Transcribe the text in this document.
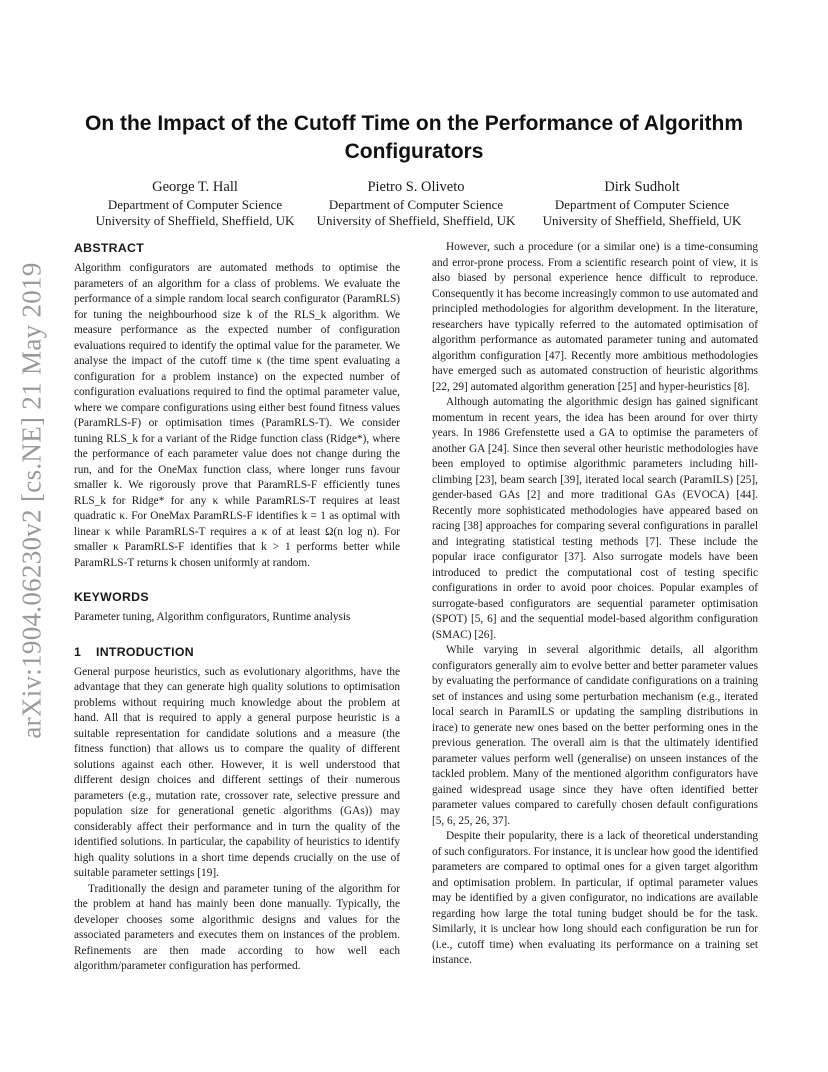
arXiv:1904.06230v2 [cs.NE] 21 May 2019
On the Impact of the Cutoff Time on the Performance of Algorithm Configurators
George T. Hall
Department of Computer Science
University of Sheffield, Sheffield, UK
Pietro S. Oliveto
Department of Computer Science
University of Sheffield, Sheffield, UK
Dirk Sudholt
Department of Computer Science
University of Sheffield, Sheffield, UK
ABSTRACT

Algorithm configurators are automated methods to optimise the parameters of an algorithm for a class of problems. We evaluate the performance of a simple random local search configurator (ParamRLS) for tuning the neighbourhood size k of the RLS_k algorithm. We measure performance as the expected number of configuration evaluations required to identify the optimal value for the parameter. We analyse the impact of the cutoff time κ (the time spent evaluating a configuration for a problem instance) on the expected number of configuration evaluations required to find the optimal parameter value, where we compare configurations using either best found fitness values (ParamRLS-F) or optimisation times (ParamRLS-T). We consider tuning RLS_k for a variant of the Ridge function class (Ridge*), where the performance of each parameter value does not change during the run, and for the OneMax function class, where longer runs favour smaller k. We rigorously prove that ParamRLS-F efficiently tunes RLS_k for Ridge* for any κ while ParamRLS-T requires at least quadratic κ. For OneMax ParamRLS-F identifies k = 1 as optimal with linear κ while ParamRLS-T requires a κ of at least Ω(n log n). For smaller κ ParamRLS-F identifies that k > 1 performs better while ParamRLS-T returns k chosen uniformly at random.

KEYWORDS

Parameter tuning, Algorithm configurators, Runtime analysis

1 INTRODUCTION

General purpose heuristics, such as evolutionary algorithms, have the advantage that they can generate high quality solutions to optimisation problems without requiring much knowledge about the problem at hand. All that is required to apply a general purpose heuristic is a suitable representation for candidate solutions and a measure (the fitness function) that allows us to compare the quality of different solutions against each other. However, it is well understood that different design choices and different settings of their numerous parameters (e.g., mutation rate, crossover rate, selective pressure and population size for generational genetic algorithms (GAs)) may considerably affect their performance and in turn the quality of the identified solutions. In particular, the capability of heuristics to identify high quality solutions in a short time depends crucially on the use of suitable parameter settings [19].

Traditionally the design and parameter tuning of the algorithm for the problem at hand has mainly been done manually. Typically, the developer chooses some algorithmic designs and values for the associated parameters and executes them on instances of the problem. Refinements are then made according to how well each algorithm/parameter configuration has performed.

However, such a procedure (or a similar one) is a time-consuming and error-prone process. From a scientific research point of view, it is also biased by personal experience hence difficult to reproduce. Consequently it has become increasingly common to use automated and principled methodologies for algorithm development. In the literature, researchers have typically referred to the automated optimisation of algorithm performance as automated parameter tuning and automated algorithm configuration [47]. Recently more ambitious methodologies have emerged such as automated construction of heuristic algorithms [22, 29] automated algorithm generation [25] and hyper-heuristics [8].

Although automating the algorithmic design has gained significant momentum in recent years, the idea has been around for over thirty years. In 1986 Grefenstette used a GA to optimise the parameters of another GA [24]. Since then several other heuristic methodologies have been employed to optimise algorithmic parameters including hill-climbing [23], beam search [39], iterated local search (ParamILS) [25], gender-based GAs [2] and more traditional GAs (EVOCA) [44]. Recently more sophisticated methodologies have appeared based on racing [38] approaches for comparing several configurations in parallel and integrating statistical testing methods [7]. These include the popular irace configurator [37]. Also surrogate models have been introduced to predict the computational cost of testing specific configurations in order to avoid poor choices. Popular examples of surrogate-based configurators are sequential parameter optimisation (SPOT) [5, 6] and the sequential model-based algorithm configuration (SMAC) [26].

While varying in several algorithmic details, all algorithm configurators generally aim to evolve better and better parameter values by evaluating the performance of candidate configurations on a training set of instances and using some perturbation mechanism (e.g., iterated local search in ParamILS or updating the sampling distributions in irace) to generate new ones based on the better performing ones in the previous generation. The overall aim is that the ultimately identified parameter values perform well (generalise) on unseen instances of the tackled problem. Many of the mentioned algorithm configurators have gained widespread usage since they have often identified better parameter values compared to carefully chosen default configurations [5, 6, 25, 26, 37].

Despite their popularity, there is a lack of theoretical understanding of such configurators. For instance, it is unclear how good the identified parameters are compared to optimal ones for a given target algorithm and optimisation problem. In particular, if optimal parameter values may be identified by a given configurator, no indications are available regarding how large the total tuning budget should be for the task. Similarly, it is unclear how long should each configuration be run for (i.e., cutoff time) when evaluating its performance on a training set instance.
